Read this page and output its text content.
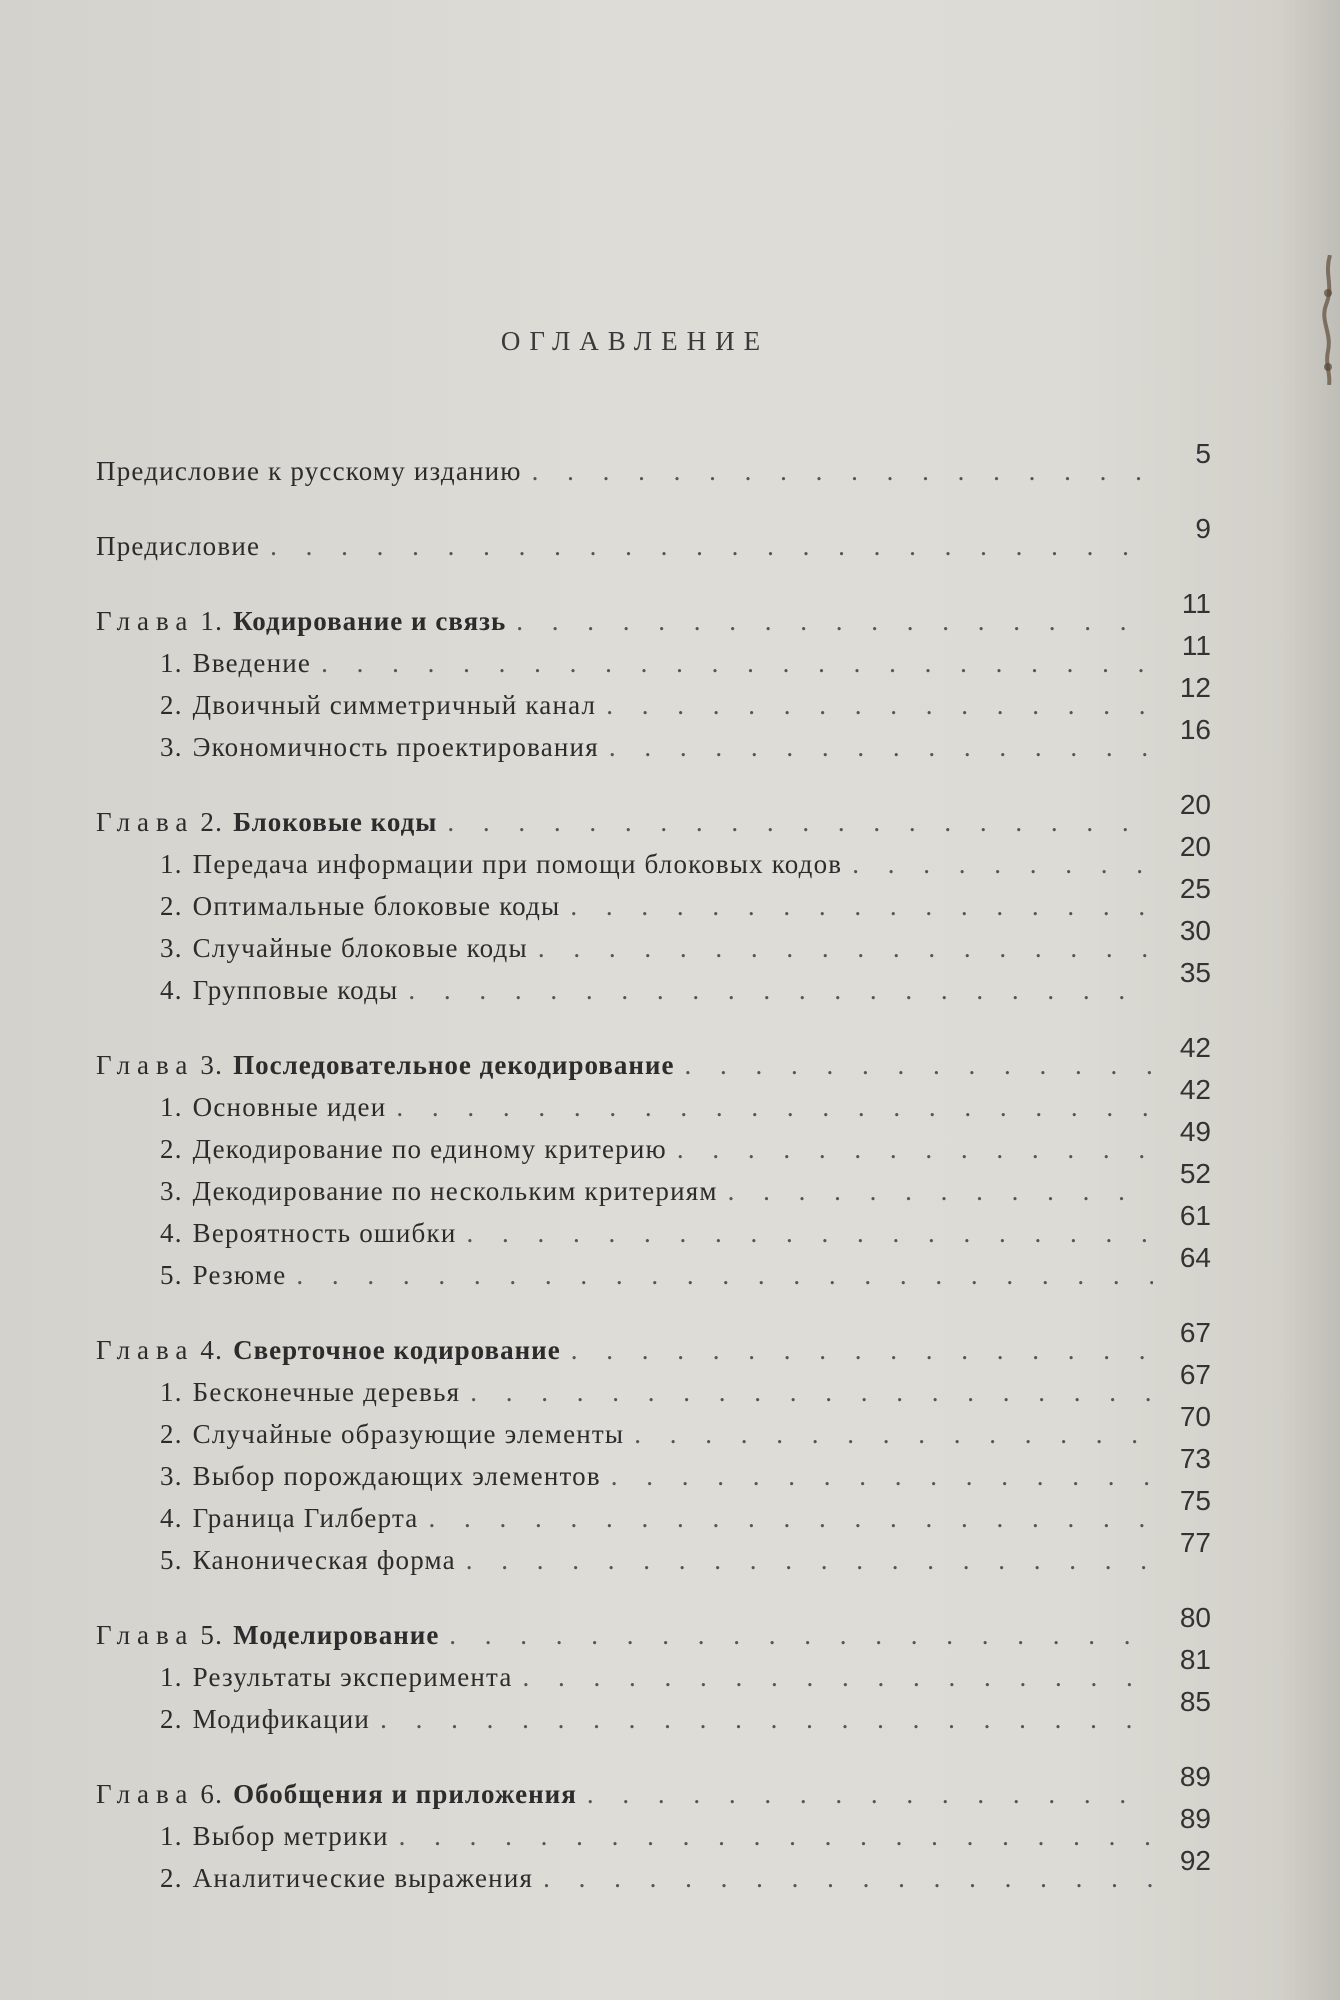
ОГЛАВЛЕНИЕ
Предисловие к русскому изданию
. . .
5
Предисловие
. . .
9
Глава 1. Кодирование и связь
. . .
11
1. Введение
. . .
11
2. Двоичный симметричный канал
. . .
12
3. Экономичность проектирования
. . .
16
Глава 2. Блоковые коды
. . .
20
1. Передача информации при помощи блоковых кодов
. . .
20
2. Оптимальные блоковые коды
. . .
25
3. Случайные блоковые коды
. . .
30
4. Групповые коды
. . .
35
Глава 3. Последовательное декодирование
. . .
42
1. Основные идеи
. . .
42
2. Декодирование по единому критерию
. . .
49
3. Декодирование по нескольким критериям
. . .
52
4. Вероятность ошибки
. . .
61
5. Резюме
. . .
64
Глава 4. Сверточное кодирование
. . .
67
1. Бесконечные деревья
. . .
67
2. Случайные образующие элементы
. . .
70
3. Выбор порождающих элементов
. . .
73
4. Граница Гилберта
. . .
75
5. Каноническая форма
. . .
77
Глава 5. Моделирование
. . .
80
1. Результаты эксперимента
. . .
81
2. Модификации
. . .
85
Глава 6. Обобщения и приложения
. . .
89
1. Выбор метрики
. . .
89
2. Аналитические выражения
. . .
92
